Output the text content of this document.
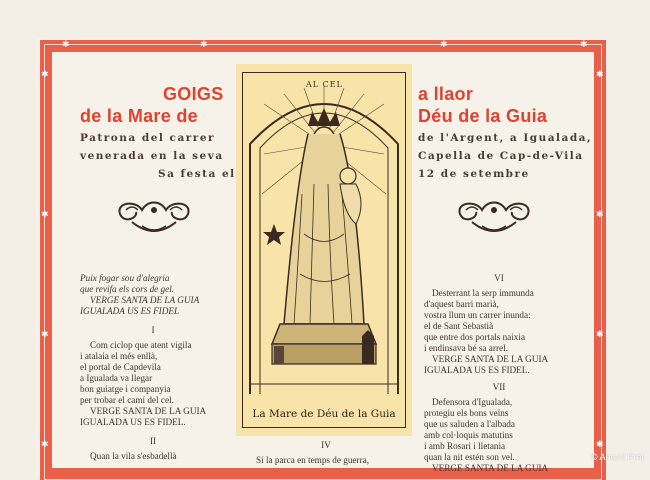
✱	✱	✱	✱
✱
✱
✱
✱
✱
✱
✱
✱
GOIGS	a llaor
de la Mare de	Déu de la Guia
Patrona del carrer	de l'Argent, a Igualada,
venerada en la seva	Capella de Cap-de-Vila
Sa festa el	12 de setembre
AL CEL
La Mare de Déu de la Guia

Puix fogar sou d'alegria

que revifa els cors de gel.

VERGE SANTA DE LA GUIA

IGUALADA US ES FIDEL

I

Com ciclop que atent vigila

i atalaia el més enllà,

el portal de Capdevila

a Igualada va llegar

bon guiatge i companyia

per trobar el camí del cel.

VERGE SANTA DE LA GUIA

IGUALADA US ES FIDEL.

II

Quan la vila s'esbadellà

IV

Si la parca en temps de guerra,

VI

Desterrant la serp immunda

d'aquest barri marià,

vostra llum un carrer inunda:

el de Sant Sebastià

que entre dos portals naixia

i endinsava bé sa arrel.

VERGE SANTA DE LA GUIA

IGUALADA US ES FIDEL.

VII

Defensora d'Igualada,

protegiu els bons veïns

que us saluden a l'albada

amb col·loquis matutins

i amb Rosari i lletania

quan la nit estén son vel.

VERGE SANTA DE LA GUIA

© Antoni Prat
